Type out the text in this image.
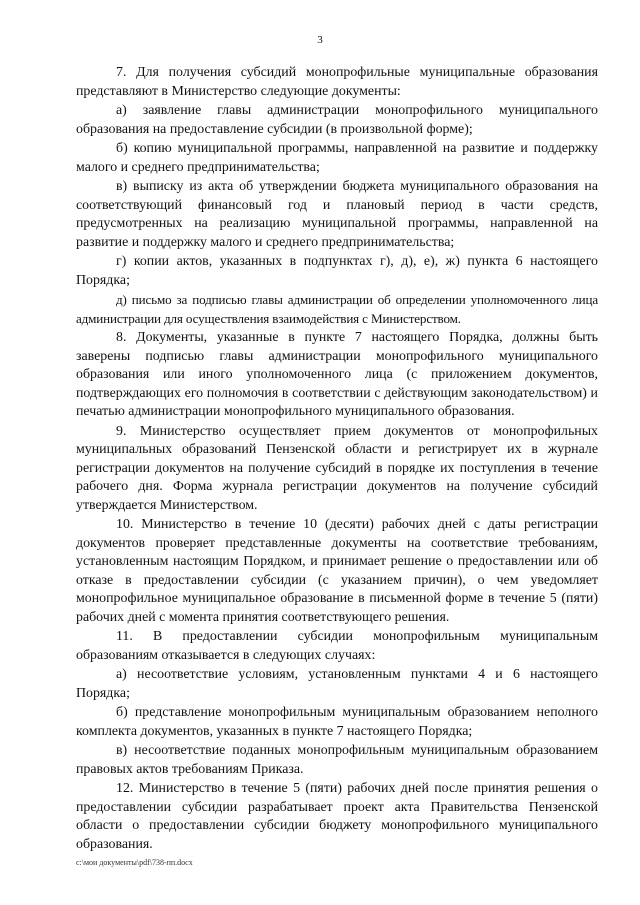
3

7. Для получения субсидий монопрофильные муниципальные образования представляют в Министерство следующие документы:

а) заявление главы администрации монопрофильного муниципального образования на предоставление субсидии (в произвольной форме);

б) копию муниципальной программы, направленной на развитие и поддержку малого и среднего предпринимательства;

в) выписку из акта об утверждении бюджета муниципального образования на соответствующий финансовый год и плановый период в части средств, предусмотренных на реализацию муниципальной программы, направленной на развитие и поддержку малого и среднего предпринимательства;

г) копии актов, указанных в подпунктах г), д), е), ж) пункта 6 настоящего Порядка;

д) письмо за подписью главы администрации об определении уполномоченного лица администрации для осуществления взаимодействия с Министерством.

8. Документы, указанные в пункте 7 настоящего Порядка, должны быть заверены подписью главы администрации монопрофильного муниципального образования или иного уполномоченного лица (с приложением документов, подтверждающих его полномочия в соответствии с действующим законодательством) и печатью администрации монопрофильного муниципального образования.

9. Министерство осуществляет прием документов от монопрофильных муниципальных образований Пензенской области и регистрирует их в журнале регистрации документов на получение субсидий в порядке их поступления в течение рабочего дня. Форма журнала регистрации документов на получение субсидий утверждается Министерством.

10. Министерство в течение 10 (десяти) рабочих дней с даты регистрации документов проверяет представленные документы на соответствие требованиям, установленным настоящим Порядком, и принимает решение о предоставлении или об отказе в предоставлении субсидии (с указанием причин), о чем уведомляет монопрофильное муниципальное образование в письменной форме в течение 5 (пяти) рабочих дней с момента принятия соответствующего решения.

11. В предоставлении субсидии монопрофильным муниципальным образованиям отказывается в следующих случаях:

а) несоответствие условиям, установленным пунктами 4 и 6 настоящего Порядка;

б) представление монопрофильным муниципальным образованием неполного комплекта документов, указанных в пункте 7 настоящего Порядка;

в) несоответствие поданных монопрофильным муниципальным образованием правовых актов требованиям Приказа.

12. Министерство в течение 5 (пяти) рабочих дней после принятия решения о предоставлении субсидии разрабатывает проект акта Правительства Пензенской области о предоставлении субсидии бюджету монопрофильного муниципального образования.

c:\мои документы\pdf\738-пп.docx
